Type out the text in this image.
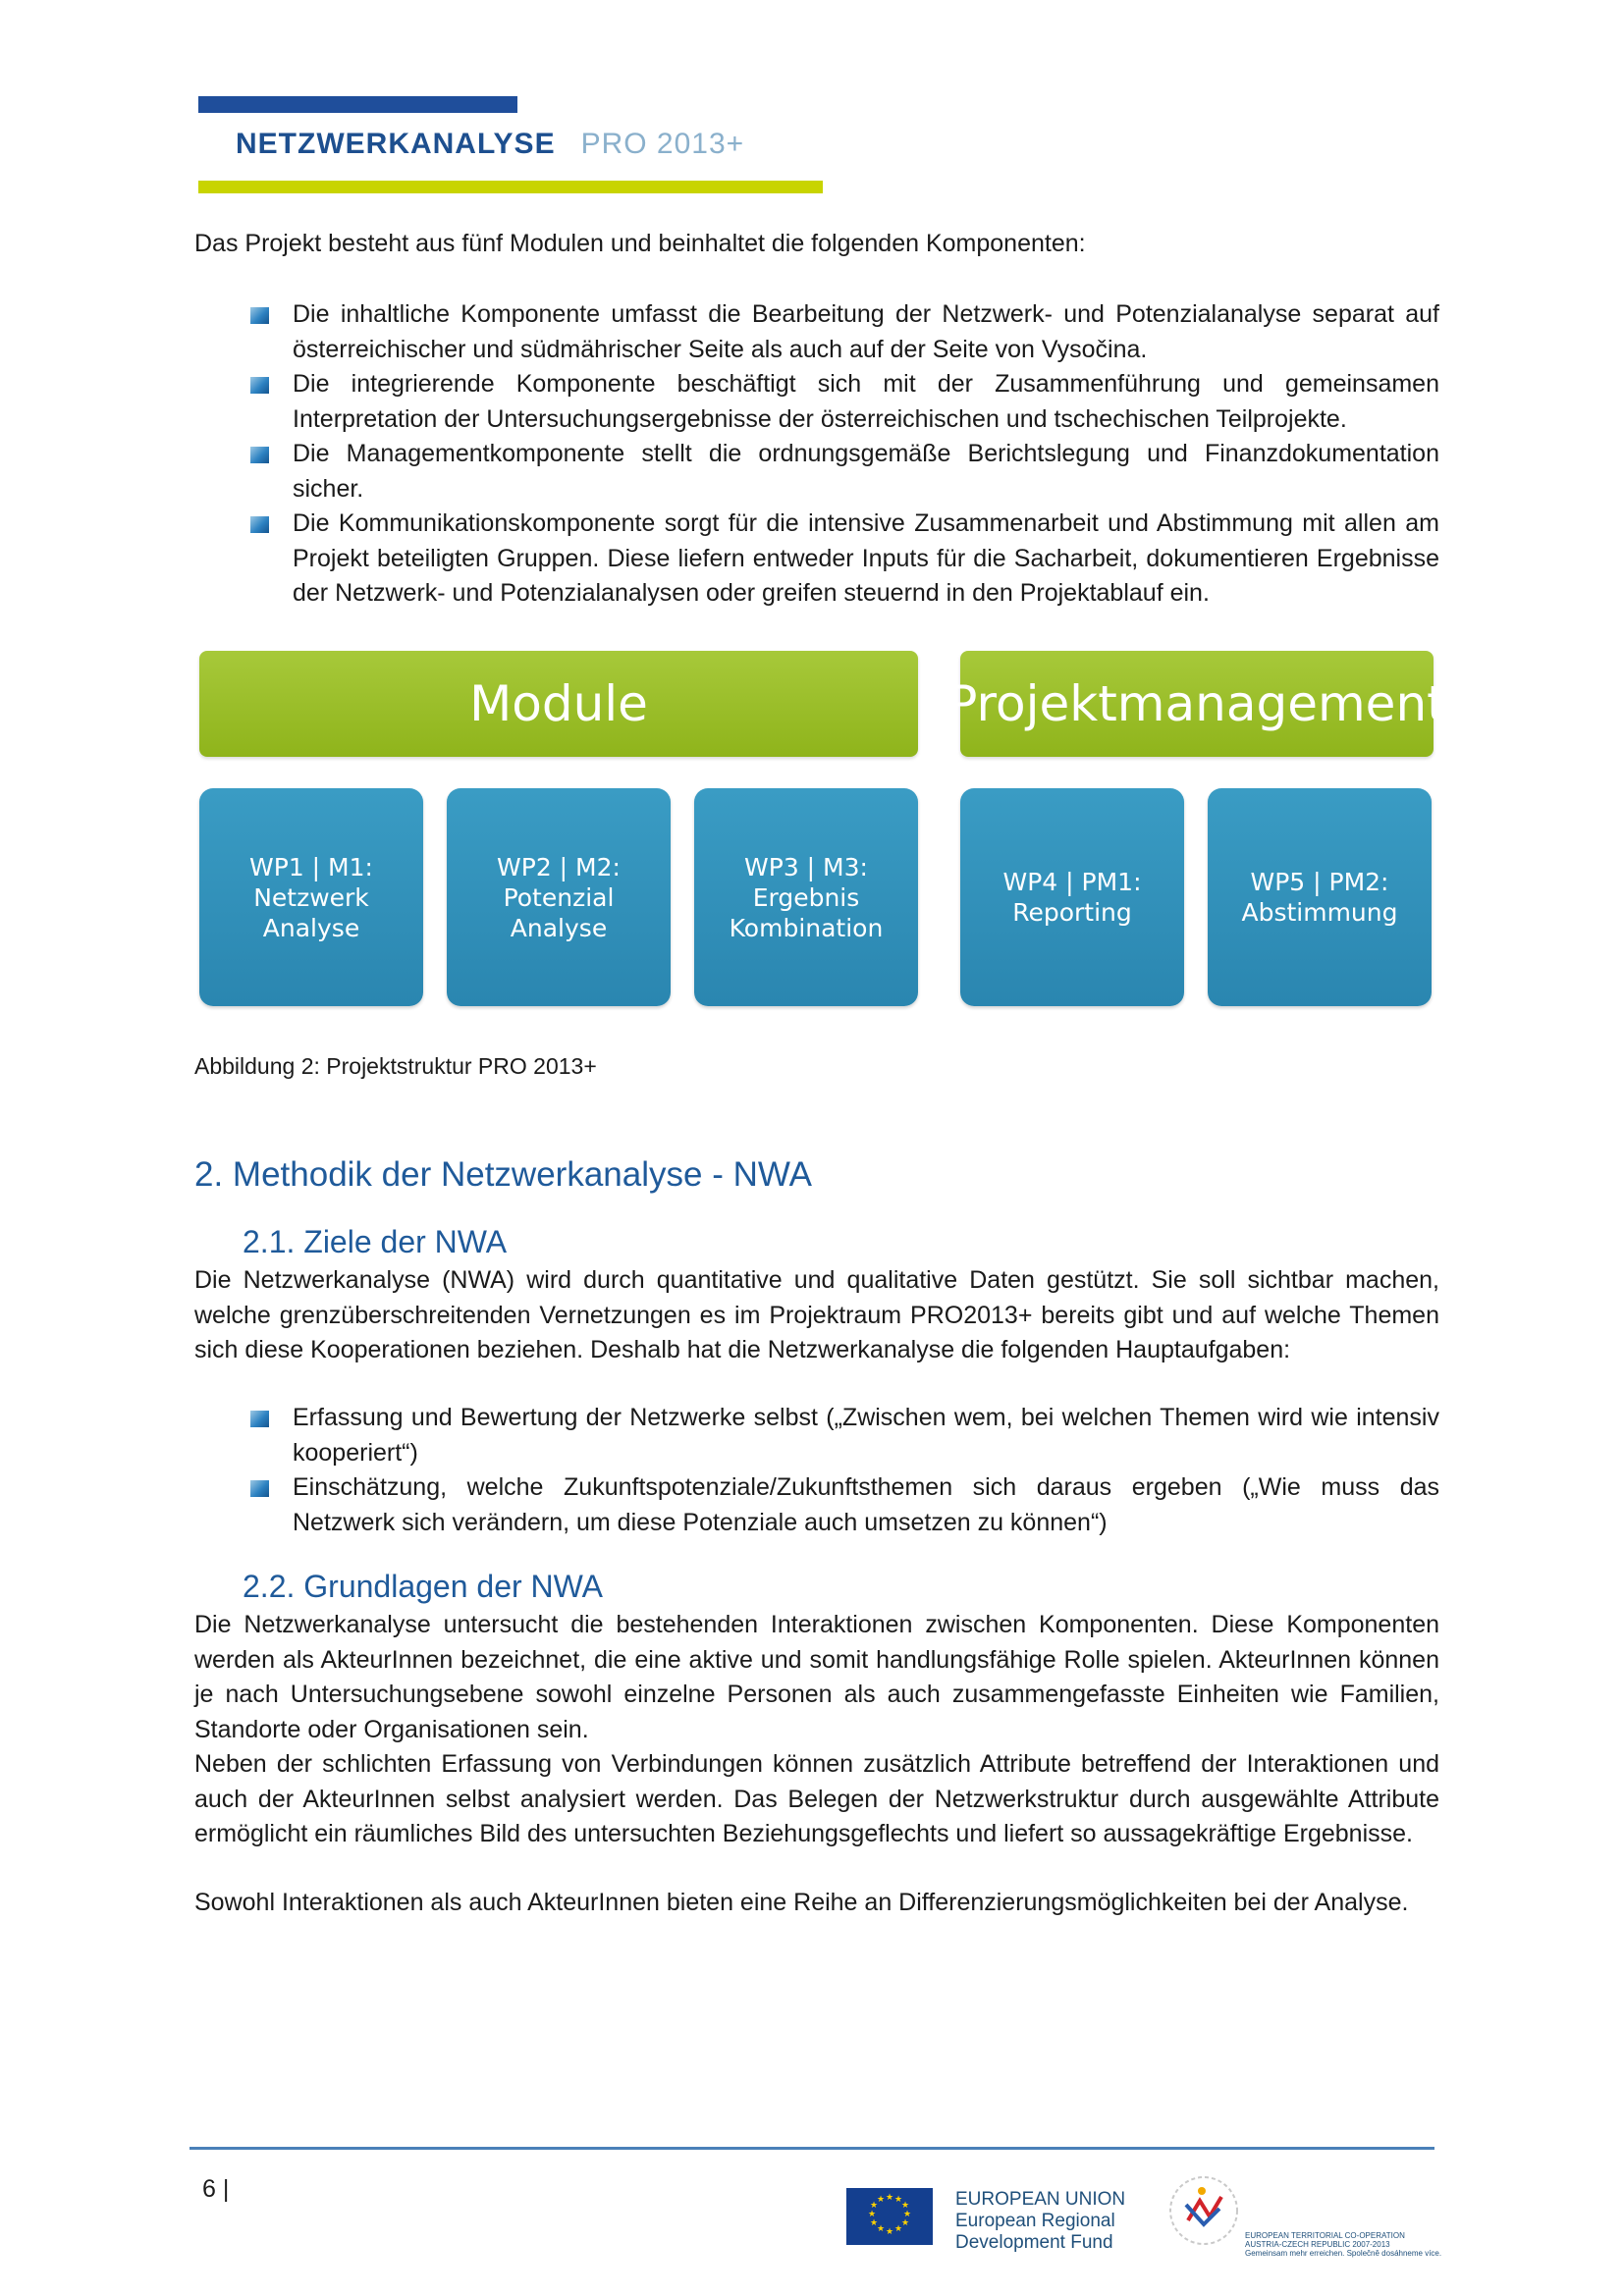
NETZWERKANALYSE PRO 2013+

Das Projekt besteht aus fünf Modulen und beinhaltet die folgenden Komponenten:

Die inhaltliche Komponente umfasst die Bearbeitung der Netzwerk- und Potenzialanalyse separat auf österreichischer und südmährischer Seite als auch auf der Seite von Vysočina.
Die integrierende Komponente beschäftigt sich mit der Zusammenführung und gemeinsamen Interpretation der Untersuchungsergebnisse der österreichischen und tschechischen Teilprojekte.
Die Managementkomponente stellt die ordnungsgemäße Berichtslegung und Finanzdokumentation sicher.
Die Kommunikationskomponente sorgt für die intensive Zusammenarbeit und Abstimmung mit allen am Projekt beteiligten Gruppen. Diese liefern entweder Inputs für die Sacharbeit, dokumentieren Ergebnisse der Netzwerk- und Potenzialanalysen oder greifen steuernd in den Projektablauf ein.
Module	Projektmanagement
WP1 | M1:
Netzwerk
Analyse
WP2 | M2:
Potenzial
Analyse
WP3 | M3:
Ergebnis
Kombination
WP4 | PM1:
Reporting
WP5 | PM2:
Abstimmung
Abbildung 2: Projektstruktur PRO 2013+
2. Methodik der Netzwerkanalyse - NWA
2.1. Ziele der NWA

Die Netzwerkanalyse (NWA) wird durch quantitative und qualitative Daten gestützt. Sie soll sichtbar machen, welche grenzüberschreitenden Vernetzungen es im Projektraum PRO2013+ bereits gibt und auf welche Themen sich diese Kooperationen beziehen. Deshalb hat die Netzwerkanalyse die folgenden Hauptaufgaben:

Erfassung und Bewertung der Netzwerke selbst („Zwischen wem, bei welchen Themen wird wie intensiv kooperiert“)
Einschätzung, welche Zukunftspotenziale/Zukunftsthemen sich daraus ergeben („Wie muss das Netzwerk sich verändern, um diese Potenziale auch umsetzen zu können“)
2.2. Grundlagen der NWA

Die Netzwerkanalyse untersucht die bestehenden Interaktionen zwischen Komponenten. Diese Komponenten werden als AkteurInnen bezeichnet, die eine aktive und somit handlungsfähige Rolle spielen. AkteurInnen können je nach Untersuchungsebene sowohl einzelne Personen als auch zusammengefasste Einheiten wie Familien, Standorte oder Organisationen sein.

Neben der schlichten Erfassung von Verbindungen können zusätzlich Attribute betreffend der Interaktionen und auch der AkteurInnen selbst analysiert werden. Das Belegen der Netzwerkstruktur durch ausgewählte Attribute ermöglicht ein räumliches Bild des untersuchten Beziehungsgeflechts und liefert so aussagekräftige Ergebnisse.

Sowohl Interaktionen als auch AkteurInnen bieten eine Reihe an Differenzierungsmöglichkeiten bei der Analyse.

6 |	★ ★
★
★
★
★
★
★
★
★
★
★	EUROPEAN UNION
European Regional
Development Fund	EUROPEAN TERRITORIAL CO-OPERATION
AUSTRIA-CZECH REPUBLIC 2007-2013
Gemeinsam mehr erreichen. Společně dosáhneme více.
